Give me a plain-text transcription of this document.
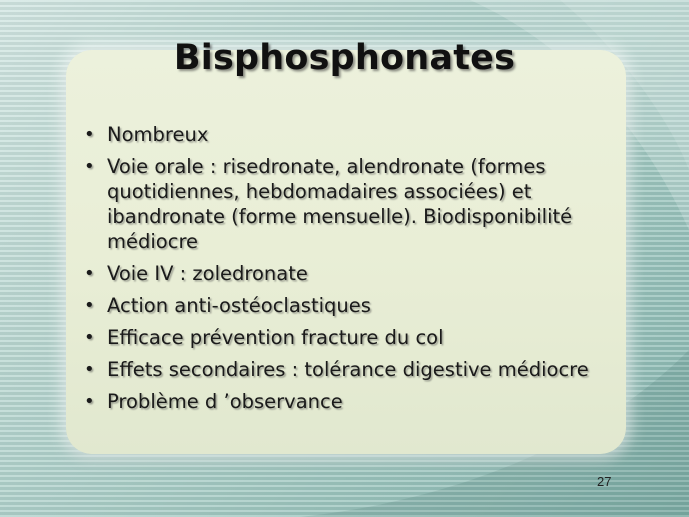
Bisphosphonates
• Nombreux
• Voie orale : risedronate, alendronate (formes quotidiennes, hebdomadaires associées) et ibandronate (forme mensuelle). Biodisponibilité médiocre
• Voie IV : zoledronate
• Action anti-ostéoclastiques
• Efficace prévention fracture du col
• Effets secondaires : tolérance digestive médiocre
• Problème d ’observance
27
